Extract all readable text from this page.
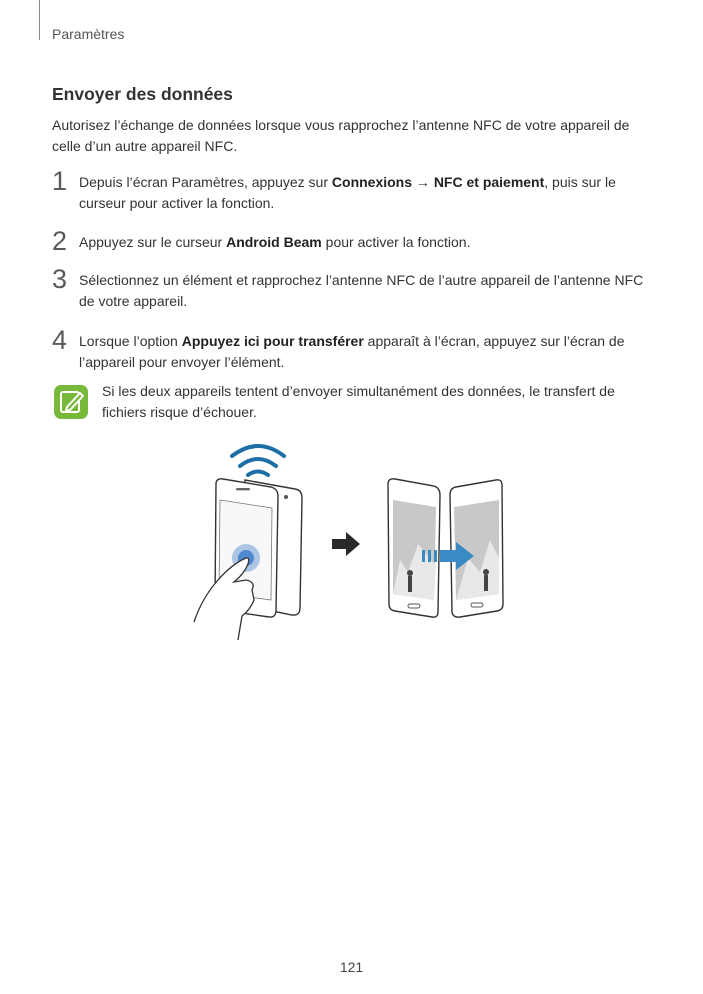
Paramètres
Envoyer des données

Autorisez l’échange de données lorsque vous rapprochez l’antenne NFC de votre appareil de celle d’un autre appareil NFC.

1 Depuis l’écran Paramètres, appuyez sur Connexions → NFC et paiement, puis sur le curseur pour activer la fonction.
2 Appuyez sur le curseur Android Beam pour activer la fonction.
3 Sélectionnez un élément et rapprochez l’antenne NFC de l’autre appareil de l’antenne NFC de votre appareil.
4 Lorsque l’option Appuyez ici pour transférer apparaît à l’écran, appuyez sur l’écran de l’appareil pour envoyer l’élément.
Si les deux appareils tentent d’envoyer simultanément des données, le transfert de fichiers risque d’échouer.
121
